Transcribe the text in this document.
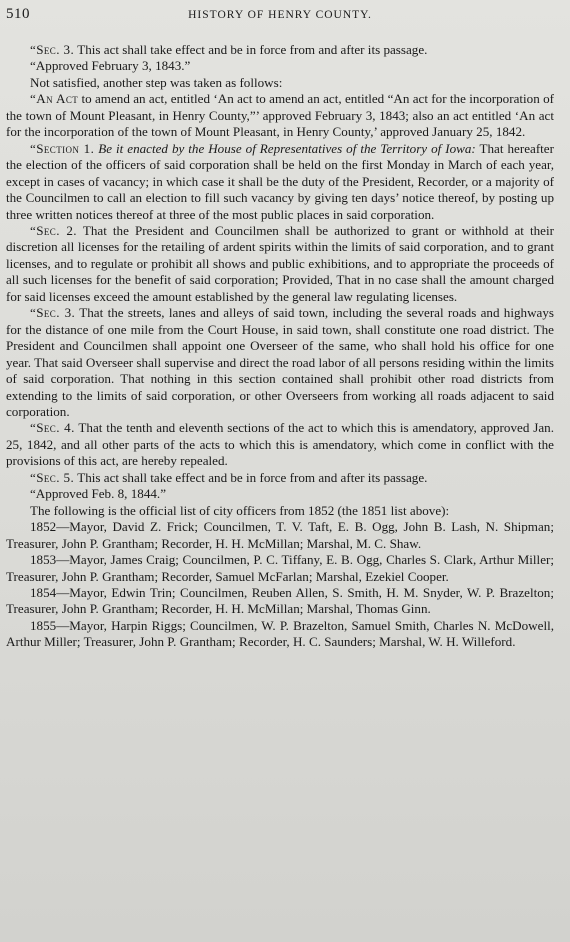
510	HISTORY OF HENRY COUNTY.

“Sec. 3. This act shall take effect and be in force from and after its passage.

“Approved February 3, 1843.”

Not satisfied, another step was taken as follows:

“An Act to amend an act, entitled ‘An act to amend an act, entitled “An act for the incorporation of the town of Mount Pleasant, in Henry County,”’ approved February 3, 1843; also an act entitled ‘An act for the incorporation of the town of Mount Pleasant, in Henry County,’ approved January 25, 1842.

“Section 1. Be it enacted by the House of Representatives of the Territory of Iowa: That hereafter the election of the officers of said corporation shall be held on the first Monday in March of each year, except in cases of vacancy; in which case it shall be the duty of the President, Recorder, or a majority of the Councilmen to call an election to fill such vacancy by giving ten days’ notice thereof, by posting up three written notices thereof at three of the most public places in said corporation.

“Sec. 2. That the President and Councilmen shall be authorized to grant or withhold at their discretion all licenses for the retailing of ardent spirits within the limits of said corporation, and to grant licenses, and to regulate or prohibit all shows and public exhibitions, and to appropriate the proceeds of all such licenses for the benefit of said corporation; Provided, That in no case shall the amount charged for said licenses exceed the amount established by the general law regulating licenses.

“Sec. 3. That the streets, lanes and alleys of said town, including the several roads and highways for the distance of one mile from the Court House, in said town, shall constitute one road district. The President and Councilmen shall appoint one Overseer of the same, who shall hold his office for one year. That said Overseer shall supervise and direct the road labor of all persons residing within the limits of said corporation. That nothing in this section contained shall prohibit other road districts from extending to the limits of said corporation, or other Overseers from working all roads adjacent to said corporation.

“Sec. 4. That the tenth and eleventh sections of the act to which this is amendatory, approved Jan. 25, 1842, and all other parts of the acts to which this is amendatory, which come in conflict with the provisions of this act, are hereby repealed.

“Sec. 5. This act shall take effect and be in force from and after its passage.

“Approved Feb. 8, 1844.”

The following is the official list of city officers from 1852 (the 1851 list above):

1852—Mayor, David Z. Frick; Councilmen, T. V. Taft, E. B. Ogg, John B. Lash, N. Shipman; Treasurer, John P. Grantham; Recorder, H. H. McMillan; Marshal, M. C. Shaw.

1853—Mayor, James Craig; Councilmen, P. C. Tiffany, E. B. Ogg, Charles S. Clark, Arthur Miller; Treasurer, John P. Grantham; Recorder, Samuel McFarlan; Marshal, Ezekiel Cooper.

1854—Mayor, Edwin Trin; Councilmen, Reuben Allen, S. Smith, H. M. Snyder, W. P. Brazelton; Treasurer, John P. Grantham; Recorder, H. H. McMillan; Marshal, Thomas Ginn.

1855—Mayor, Harpin Riggs; Councilmen, W. P. Brazelton, Samuel Smith, Charles N. McDowell, Arthur Miller; Treasurer, John P. Grantham; Recorder, H. C. Saunders; Marshal, W. H. Willeford.
